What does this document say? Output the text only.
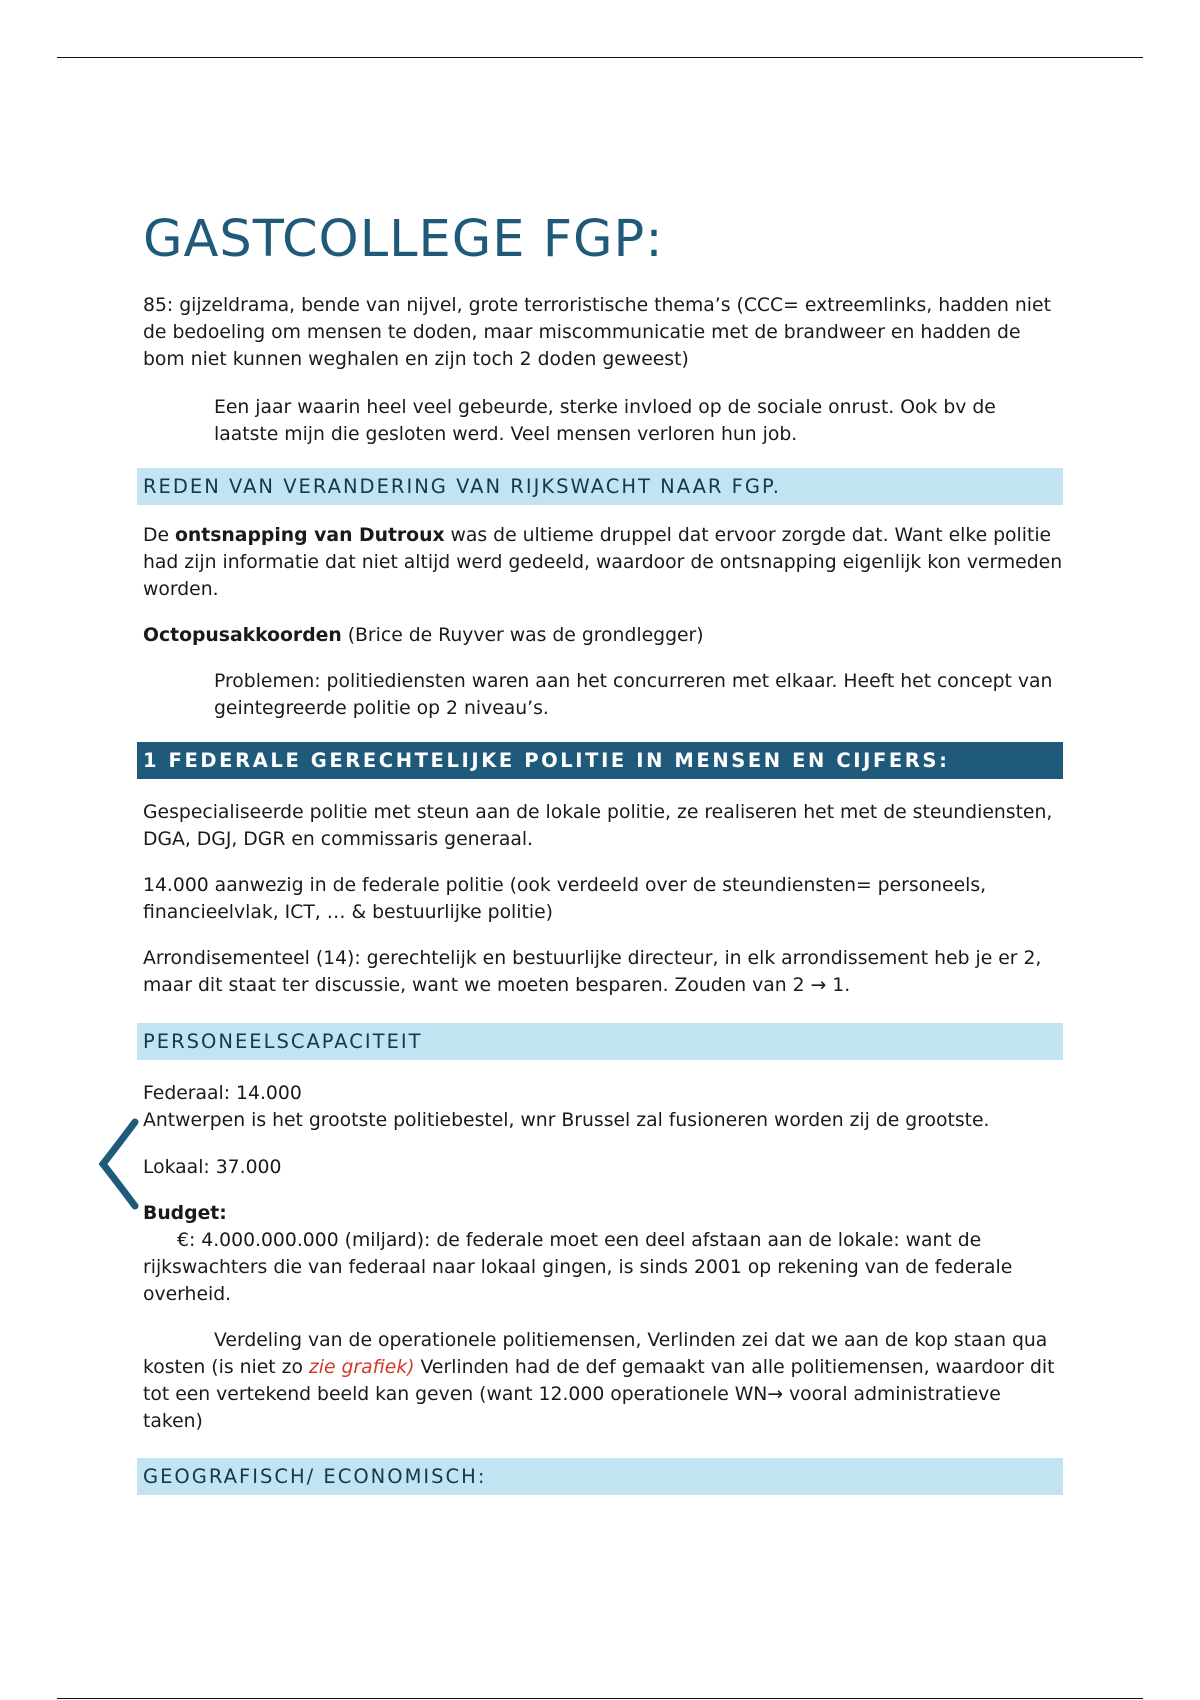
GASTCOLLEGE FGP:

85: gijzeldrama, bende van nijvel, grote terroristische thema’s (CCC= extreemlinks, hadden niet de bedoeling om mensen te doden, maar miscommunicatie met de brandweer en hadden de bom niet kunnen weghalen en zijn toch 2 doden geweest)

Een jaar waarin heel veel gebeurde, sterke invloed op de sociale onrust. Ook bv de laatste mijn die gesloten werd. Veel mensen verloren hun job.

REDEN VAN VERANDERING VAN RIJKSWACHT NAAR FGP.

De ontsnapping van Dutroux was de ultieme druppel dat ervoor zorgde dat. Want elke politie had zijn informatie dat niet altijd werd gedeeld, waardoor de ontsnapping eigenlijk kon vermeden worden.

Octopusakkoorden (Brice de Ruyver was de grondlegger)

Problemen: politiediensten waren aan het concurreren met elkaar. Heeft het concept van geintegreerde politie op 2 niveau’s.

1 FEDERALE GERECHTELIJKE POLITIE IN MENSEN EN CIJFERS:

Gespecialiseerde politie met steun aan de lokale politie, ze realiseren het met de steundiensten, DGA, DGJ, DGR en commissaris generaal.

14.000 aanwezig in de federale politie (ook verdeeld over de steundiensten= personeels, financieelvlak, ICT, … & bestuurlijke politie)

Arrondisementeel (14): gerechtelijk en bestuurlijke directeur, in elk arrondissement heb je er 2, maar dit staat ter discussie, want we moeten besparen. Zouden van 2 → 1.

PERSONEELSCAPACITEIT

Federaal: 14.000

Antwerpen is het grootste politiebestel, wnr Brussel zal fusioneren worden zij de grootste.

Lokaal: 37.000

Budget:

€: 4.000.000.000 (miljard): de federale moet een deel afstaan aan de lokale: want de rijkswachters die van federaal naar lokaal gingen, is sinds 2001 op rekening van de federale overheid.

Verdeling van de operationele politiemensen, Verlinden zei dat we aan de kop staan qua kosten (is niet zo zie grafiek) Verlinden had de def gemaakt van alle politiemensen, waardoor dit tot een vertekend beeld kan geven (want 12.000 operationele WN→ vooral administratieve taken)

GEOGRAFISCH/ ECONOMISCH:
